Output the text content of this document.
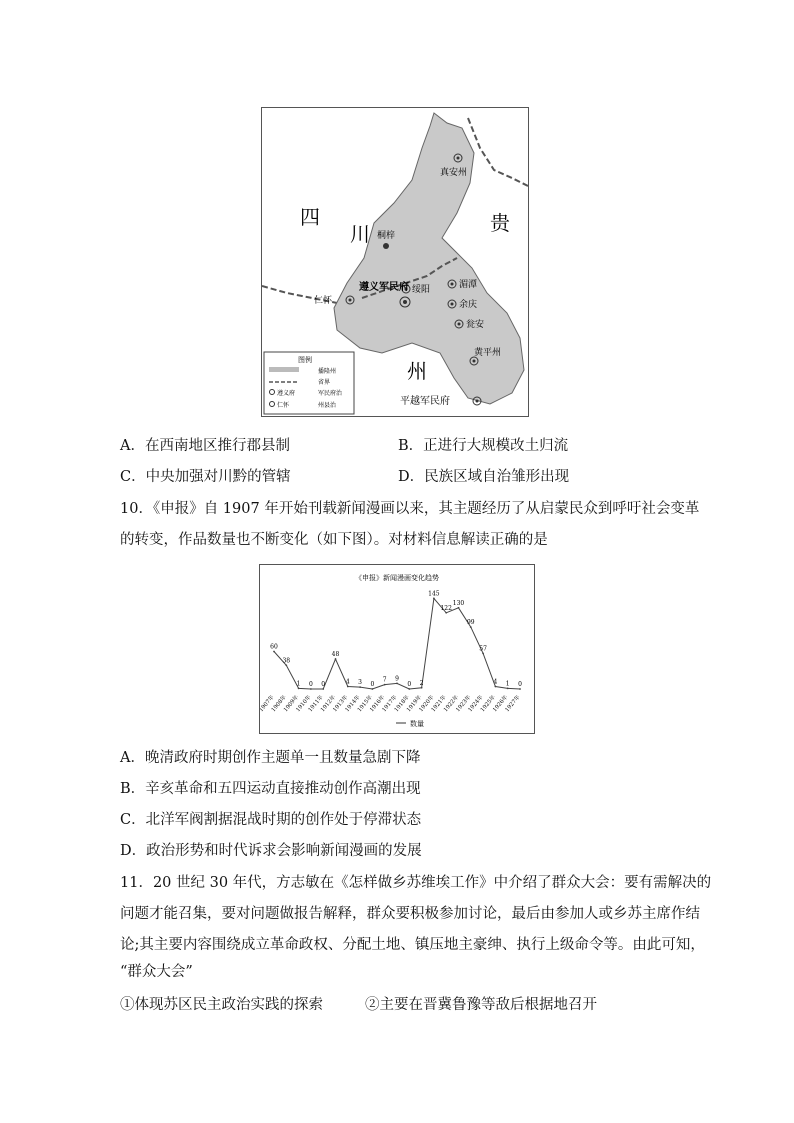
真安州
四
川	贵
桐梓
绥阳	湄潭
仁怀
遵义军民府
余庆
瓮安
黄平州
州
平越军民府
图例
播隆州
省界
遵义府	军民府治
仁怀	州县治
A．在西南地区推行郡县制	B．正进行大规模改土归流
C．中央加强对川黔的管辖	D．民族区域自治雏形出现
10．《申报》自 1907 年开始刊载新闻漫画以来，其主题经历了从启蒙民众到呼吁社会变革
的转变，作品数量也不断变化（如下图）。对材料信息解读正确的是
《申报》新闻漫画变化趋势
60
38
1 0 0
48
4 3 0
7 9
0 2
145
122
130
99
57
4 1 0
1907年
1908年
1909年
1910年
1911年
1912年
1913年
1914年
1915年
1916年
1917年
1918年
1919年
1920年
1921年
1922年
1923年
1924年
1925年
1926年
1927年
数量
A．晚清政府时期创作主题单一且数量急剧下降
B．辛亥革命和五四运动直接推动创作高潮出现
C．北洋军阀割据混战时期的创作处于停滞状态
D．政治形势和时代诉求会影响新闻漫画的发展
11．20 世纪 30 年代，方志敏在《怎样做乡苏维埃工作》中介绍了群众大会：要有需解决的
问题才能召集，要对问题做报告解释，群众要积极参加讨论，最后由参加人或乡苏主席作结
论;其主要内容围绕成立革命政权、分配土地、镇压地主豪绅、执行上级命令等。由此可知，
“群众大会”
①体现苏区民主政治实践的探索	②主要在晋冀鲁豫等敌后根据地召开
